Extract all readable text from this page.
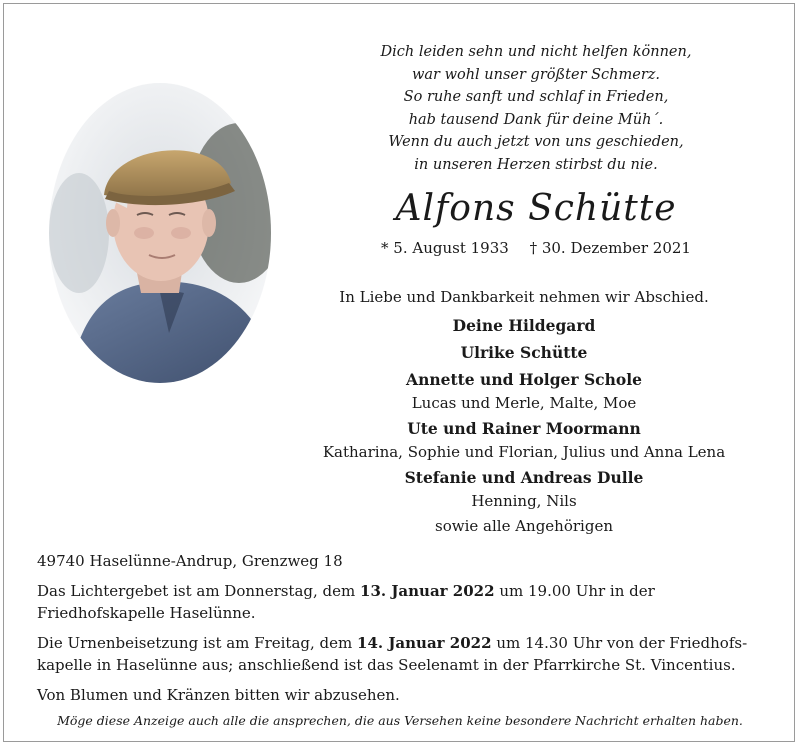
Dich leiden sehn und nicht helfen können,
war wohl unser größter Schmerz.
So ruhe sanft und schlaf in Frieden,
hab tausend Dank für deine Müh´.
Wenn du auch jetzt von uns geschieden,
in unseren Herzen stirbst du nie.
Alfons Schütte
* 5. August 1933 † 30. Dezember 2021
In Liebe und Dankbarkeit nehmen wir Abschied.
Deine Hildegard
Ulrike Schütte
Annette und Holger Schole
Lucas und Merle, Malte, Moe
Ute und Rainer Moormann
Katharina, Sophie und Florian, Julius und Anna Lena
Stefanie und Andreas Dulle
Henning, Nils
sowie alle Angehörigen

49740 Haselünne-Andrup, Grenzweg 18

Das Lichtergebet ist am Donnerstag, dem 13. Januar 2022 um 19.00 Uhr in der

Friedhofskapelle Haselünne.

Die Urnenbeisetzung ist am Freitag, dem 14. Januar 2022 um 14.30 Uhr von der Friedhofs-

kapelle in Haselünne aus; anschließend ist das Seelenamt in der Pfarrkirche St. Vincentius.

Von Blumen und Kränzen bitten wir abzusehen.

Möge diese Anzeige auch alle die ansprechen, die aus Versehen keine besondere Nachricht erhalten haben.
